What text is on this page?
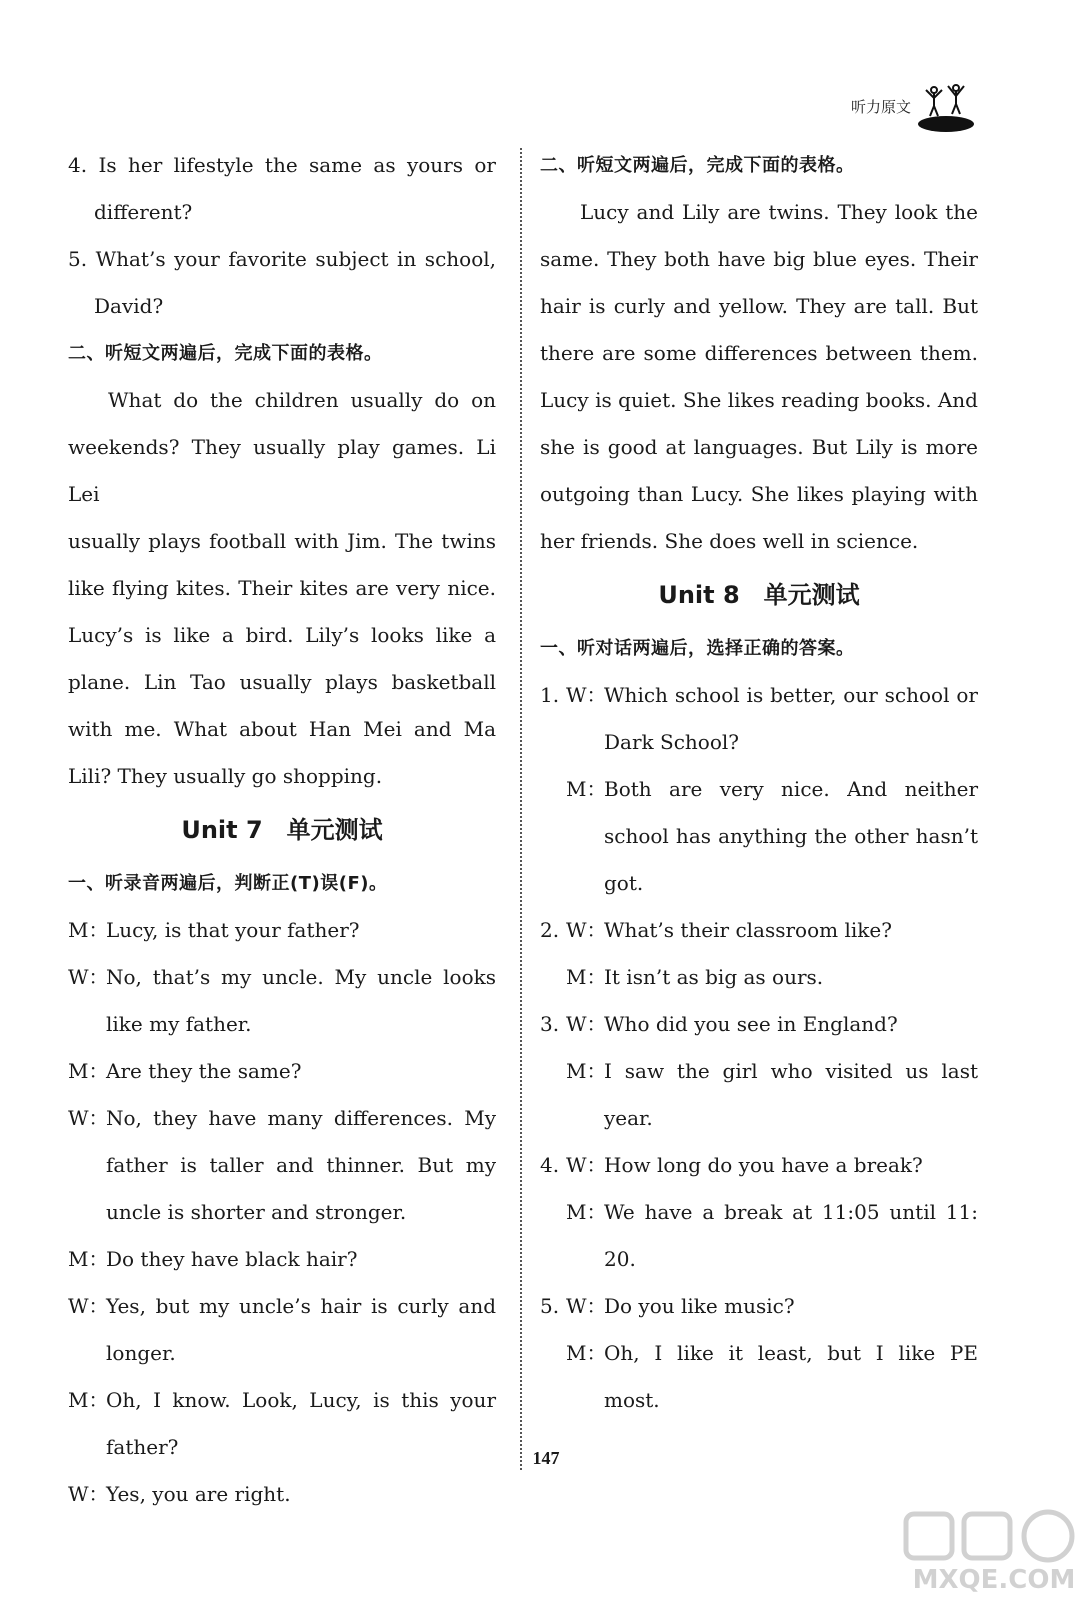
听力原文
4. Is her lifestyle the same as yours or
different?
5. What’s your favorite subject in school,
David?
二、听短文两遍后，完成下面的表格。
What do the children usually do on
weekends? They usually play games. Li Lei
usually plays football with Jim. The twins
like flying kites. Their kites are very nice.
Lucy’s is like a bird. Lily’s looks like a
plane. Lin Tao usually plays basketball
with me. What about Han Mei and Ma
Lili? They usually go shopping.
Unit 7　单元测试
一、听录音两遍后，判断正(T)误(F)。
M：
Lucy, is that your father?
W：
No, that’s my uncle. My uncle looks
like my father.
M：
Are they the same?
W：
No, they have many differences. My
father is taller and thinner. But my
uncle is shorter and stronger.
M：
Do they have black hair?
W：
Yes, but my uncle’s hair is curly and
longer.
M：
Oh, I know. Look, Lucy, is this your
father?
W：
Yes, you are right.
二、听短文两遍后，完成下面的表格。
Lucy and Lily are twins. They look the
same. They both have big blue eyes. Their
hair is curly and yellow. They are tall. But
there are some differences between them.
Lucy is quiet. She likes reading books. And
she is good at languages. But Lily is more
outgoing than Lucy. She likes playing with
her friends. She does well in science.
Unit 8　单元测试
一、听对话两遍后，选择正确的答案。
1. W：
Which school is better, our school or
Dark School?
M：
Both are very nice. And neither
school has anything the other hasn’t
got.
2. W：
What’s their classroom like?
M：
It isn’t as big as ours.
3. W：
Who did you see in England?
M：
I saw the girl who visited us last
year.
4. W：
How long do you have a break?
M：
We have a break at 11:05 until 11:
20.
5. W：
Do you like music?
M：
Oh, I like it least, but I like PE
most.
147
MXQE.COM
